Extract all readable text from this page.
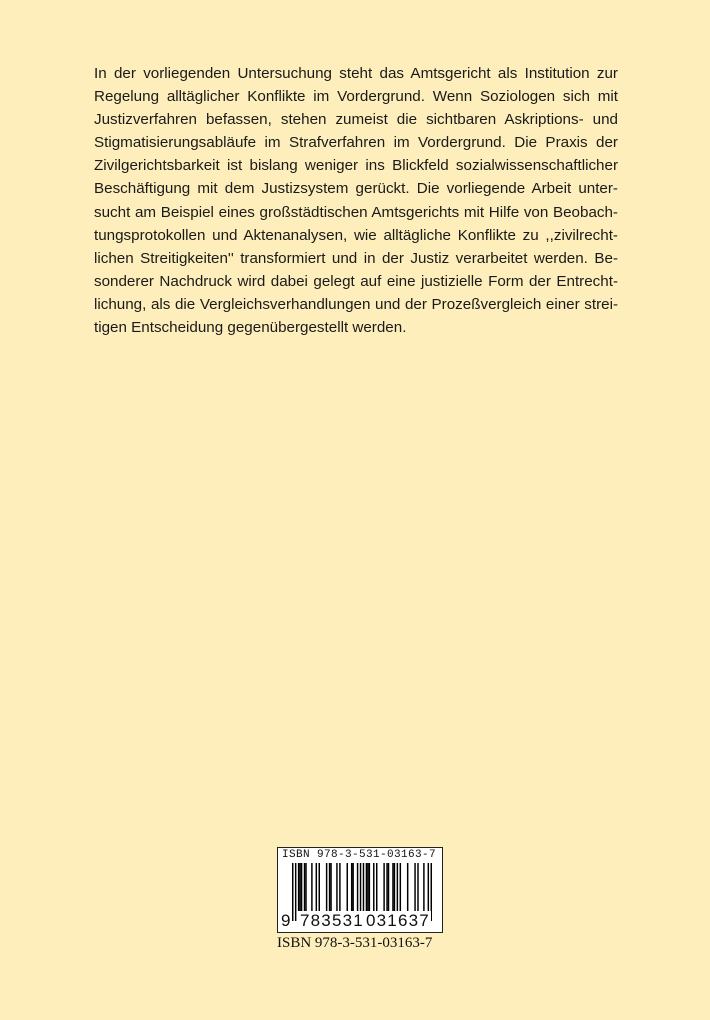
In der vorliegenden Untersuchung steht das Amtsgericht als Institution zur
Regelung alltäglicher Konflikte im Vordergrund. Wenn Soziologen sich mit
Justizverfahren befassen, stehen zumeist die sichtbaren Askriptions- und
Stigmatisierungsabläufe im Strafverfahren im Vordergrund. Die Praxis der
Zivilgerichtsbarkeit ist bislang weniger ins Blickfeld sozialwissenschaftlicher
Beschäftigung mit dem Justizsystem gerückt. Die vorliegende Arbeit unter-
sucht am Beispiel eines großstädtischen Amtsgerichts mit Hilfe von Beobach-
tungsprotokollen und Aktenanalysen, wie alltägliche Konflikte zu ,,zivilrecht-
lichen Streitigkeiten'' transformiert und in der Justiz verarbeitet werden. Be-
sonderer Nachdruck wird dabei gelegt auf eine justizielle Form der Entrecht-
lichung, als die Vergleichsverhandlungen und der Prozeßvergleich einer strei-
tigen Entscheidung gegenübergestellt werden.
ISBN 978-3-531-03163-7
9 783531 031637
ISBN 978-3-531-03163-7
